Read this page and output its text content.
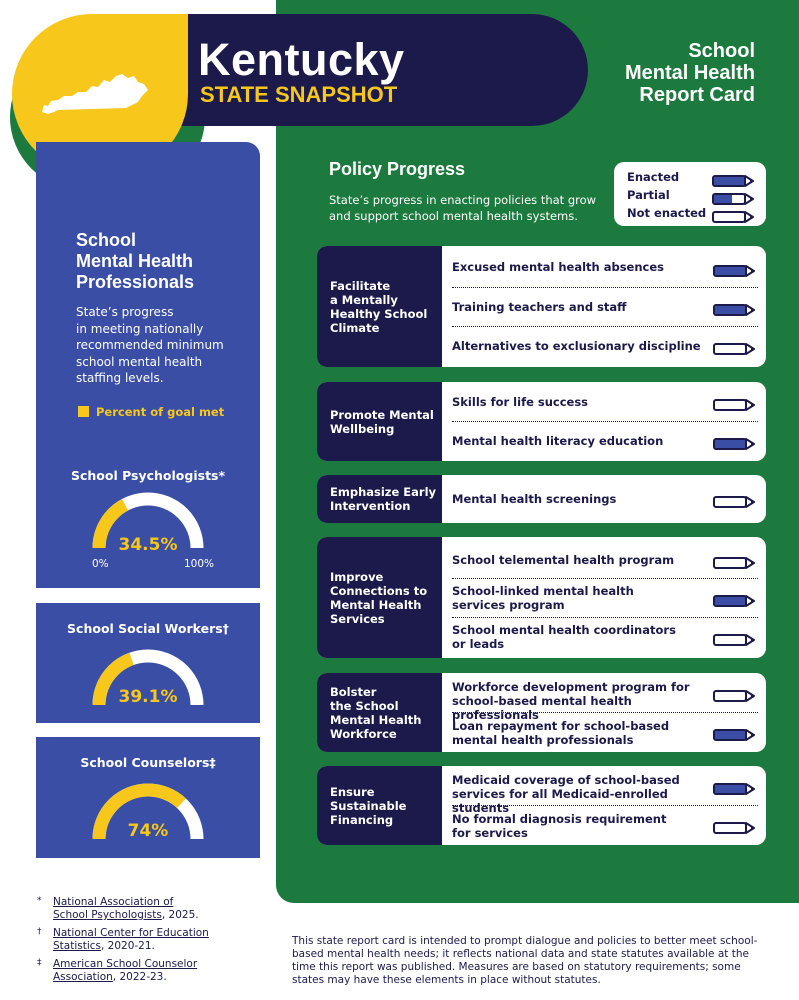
Kentucky
STATE SNAPSHOT
School
Mental Health
Report Card
School
Mental Health
Professionals
State’s progress
in meeting nationally
recommended minimum
school mental health
staffing levels.
Percent of goal met
School Psychologists*
34.5%
0%	100%
School Social Workers†
39.1%
School Counselors‡
74%
Policy Progress
State’s progress in enacting policies that grow
and support school mental health systems.
Enacted
Partial
Not enacted
Facilitate
a Mentally
Healthy School
Climate
Excused mental health absences
Training teachers and staff
Alternatives to exclusionary discipline
Promote Mental
Wellbeing
Skills for life success
Mental health literacy education
Emphasize Early
Intervention	Mental health screenings
Improve
Connections to
Mental Health
Services
School telemental health program
School-linked mental health
services program
School mental health coordinators
or leads
Bolster
the School
Mental Health
Workforce
Workforce development program for
school-based mental health professionals
Loan repayment for school-based
mental health professionals
Ensure
Sustainable
Financing
Medicaid coverage of school-based
services for all Medicaid-enrolled students
No formal diagnosis requirement
for services
* National Association of
School Psychologists, 2025.
† National Center for Education
Statistics, 2020-21.
‡ American School Counselor
Association, 2022-23.
This state report card is intended to prompt dialogue and policies to better meet school-based mental health needs; it reflects national data and state statutes available at the time this report was published. Measures are based on statutory requirements; some states may have these elements in place without statutes.
